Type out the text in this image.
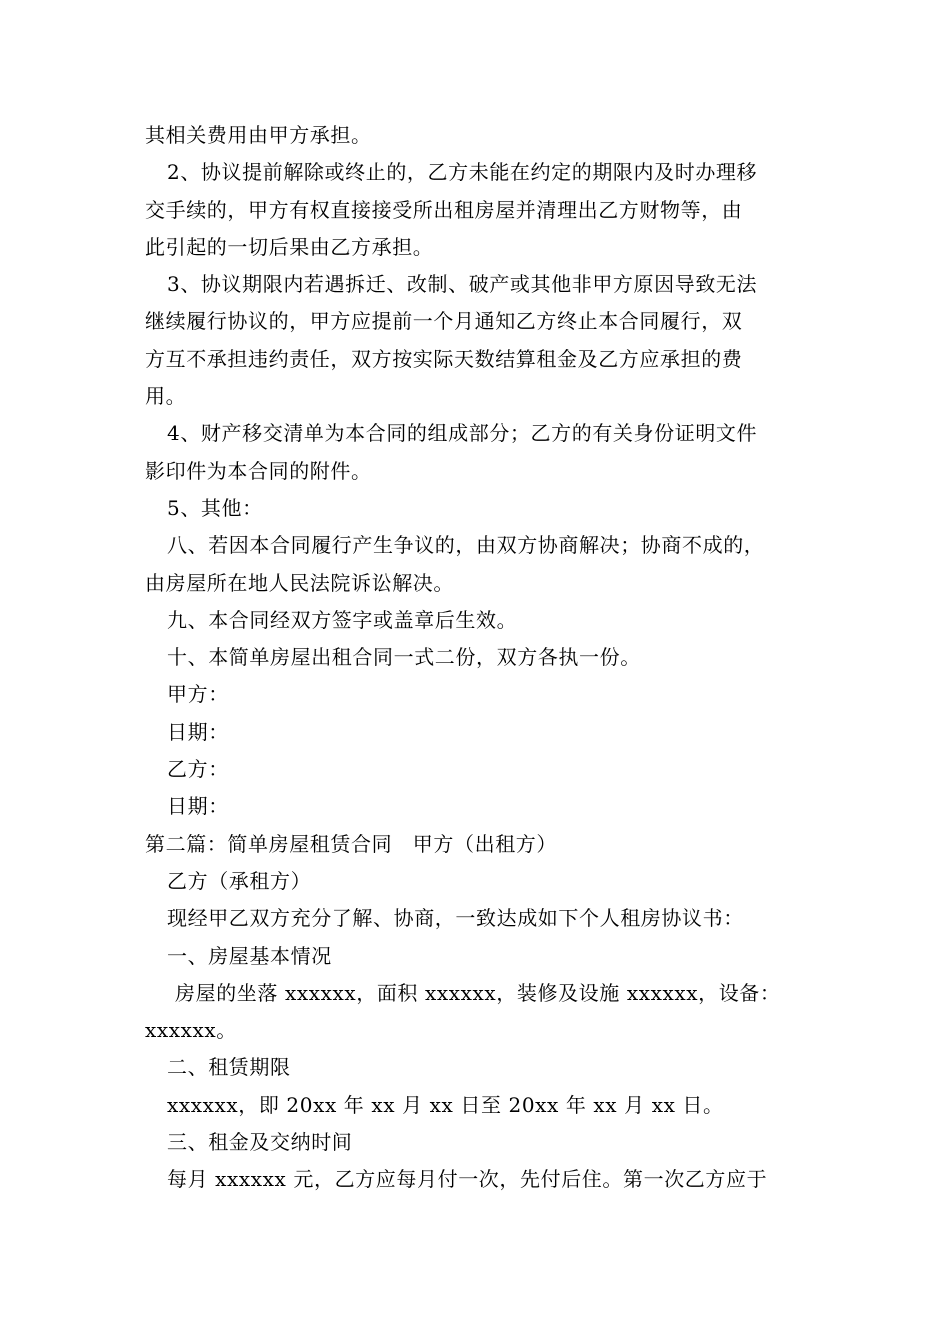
其相关费用由甲方承担。
2、协议提前解除或终止的，乙方未能在约定的期限内及时办理移
交手续的，甲方有权直接接受所出租房屋并清理出乙方财物等，由
此引起的一切后果由乙方承担。
3、协议期限内若遇拆迁、改制、破产或其他非甲方原因导致无法
继续履行协议的，甲方应提前一个月通知乙方终止本合同履行，双
方互不承担违约责任，双方按实际天数结算租金及乙方应承担的费
用。
4、财产移交清单为本合同的组成部分；乙方的有关身份证明文件
影印件为本合同的附件。
5、其他：
八、若因本合同履行产生争议的，由双方协商解决；协商不成的，
由房屋所在地人民法院诉讼解决。
九、本合同经双方签字或盖章后生效。
十、本简单房屋出租合同一式二份，双方各执一份。
甲方：
日期：
乙方：
日期：
第二篇：简单房屋租赁合同　甲方（出租方）
乙方（承租方）
现经甲乙双方充分了解、协商，一致达成如下个人租房协议书：
一、房屋基本情况
房屋的坐落 xxxxxx，面积 xxxxxx，装修及设施 xxxxxx，设备：
xxxxxx。
二、租赁期限
xxxxxx，即 20xx 年 xx 月 xx 日至 20xx 年 xx 月 xx 日。
三、租金及交纳时间
每月 xxxxxx 元，乙方应每月付一次，先付后住。第一次乙方应于
